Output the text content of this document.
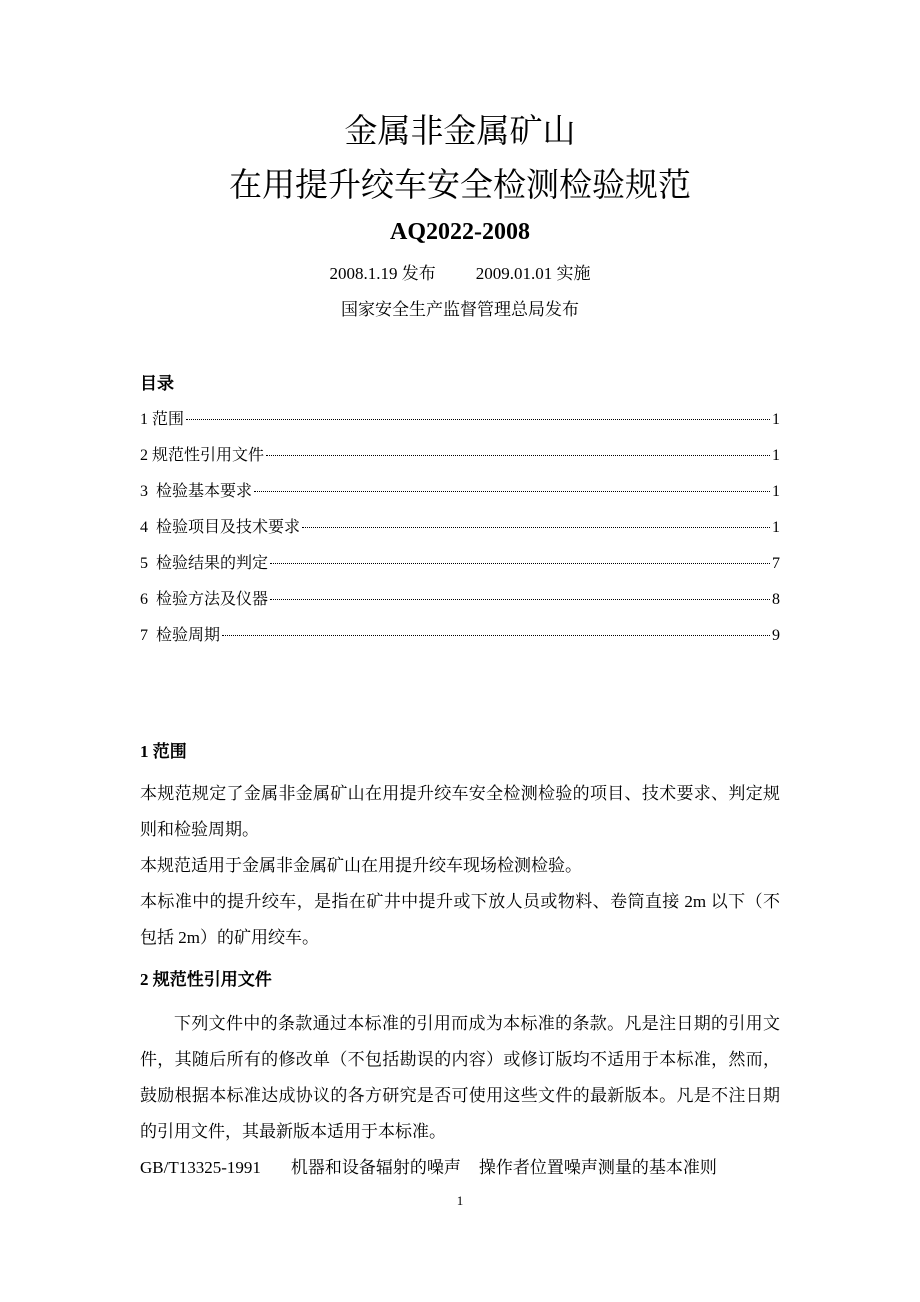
金属非金属矿山
在用提升绞车安全检测检验规范
AQ2022-2008
2008.1.19 发布 2009.01.01 实施
国家安全生产监督管理总局发布
目录
1 范围	1
2 规范性引用文件	1
3  检验基本要求	1
4  检验项目及技术要求	1
5  检验结果的判定	7
6  检验方法及仪器	8
7  检验周期	9
1 范围
本规范规定了金属非金属矿山在用提升绞车安全检测检验的项目、技术要求、判定规则和检验周期。
本规范适用于金属非金属矿山在用提升绞车现场检测检验。
本标准中的提升绞车，是指在矿井中提升或下放人员或物料、卷筒直接 2m 以下（不包括 2m）的矿用绞车。
2 规范性引用文件
下列文件中的条款通过本标准的引用而成为本标准的条款。凡是注日期的引用文件，其随后所有的修改单（不包括勘误的内容）或修订版均不适用于本标准，然而，鼓励根据本标准达成协议的各方研究是否可使用这些文件的最新版本。凡是不注日期的引用文件，其最新版本适用于本标准。
GB/T13325-1991 机器和设备辐射的噪声 操作者位置噪声测量的基本准则
1
